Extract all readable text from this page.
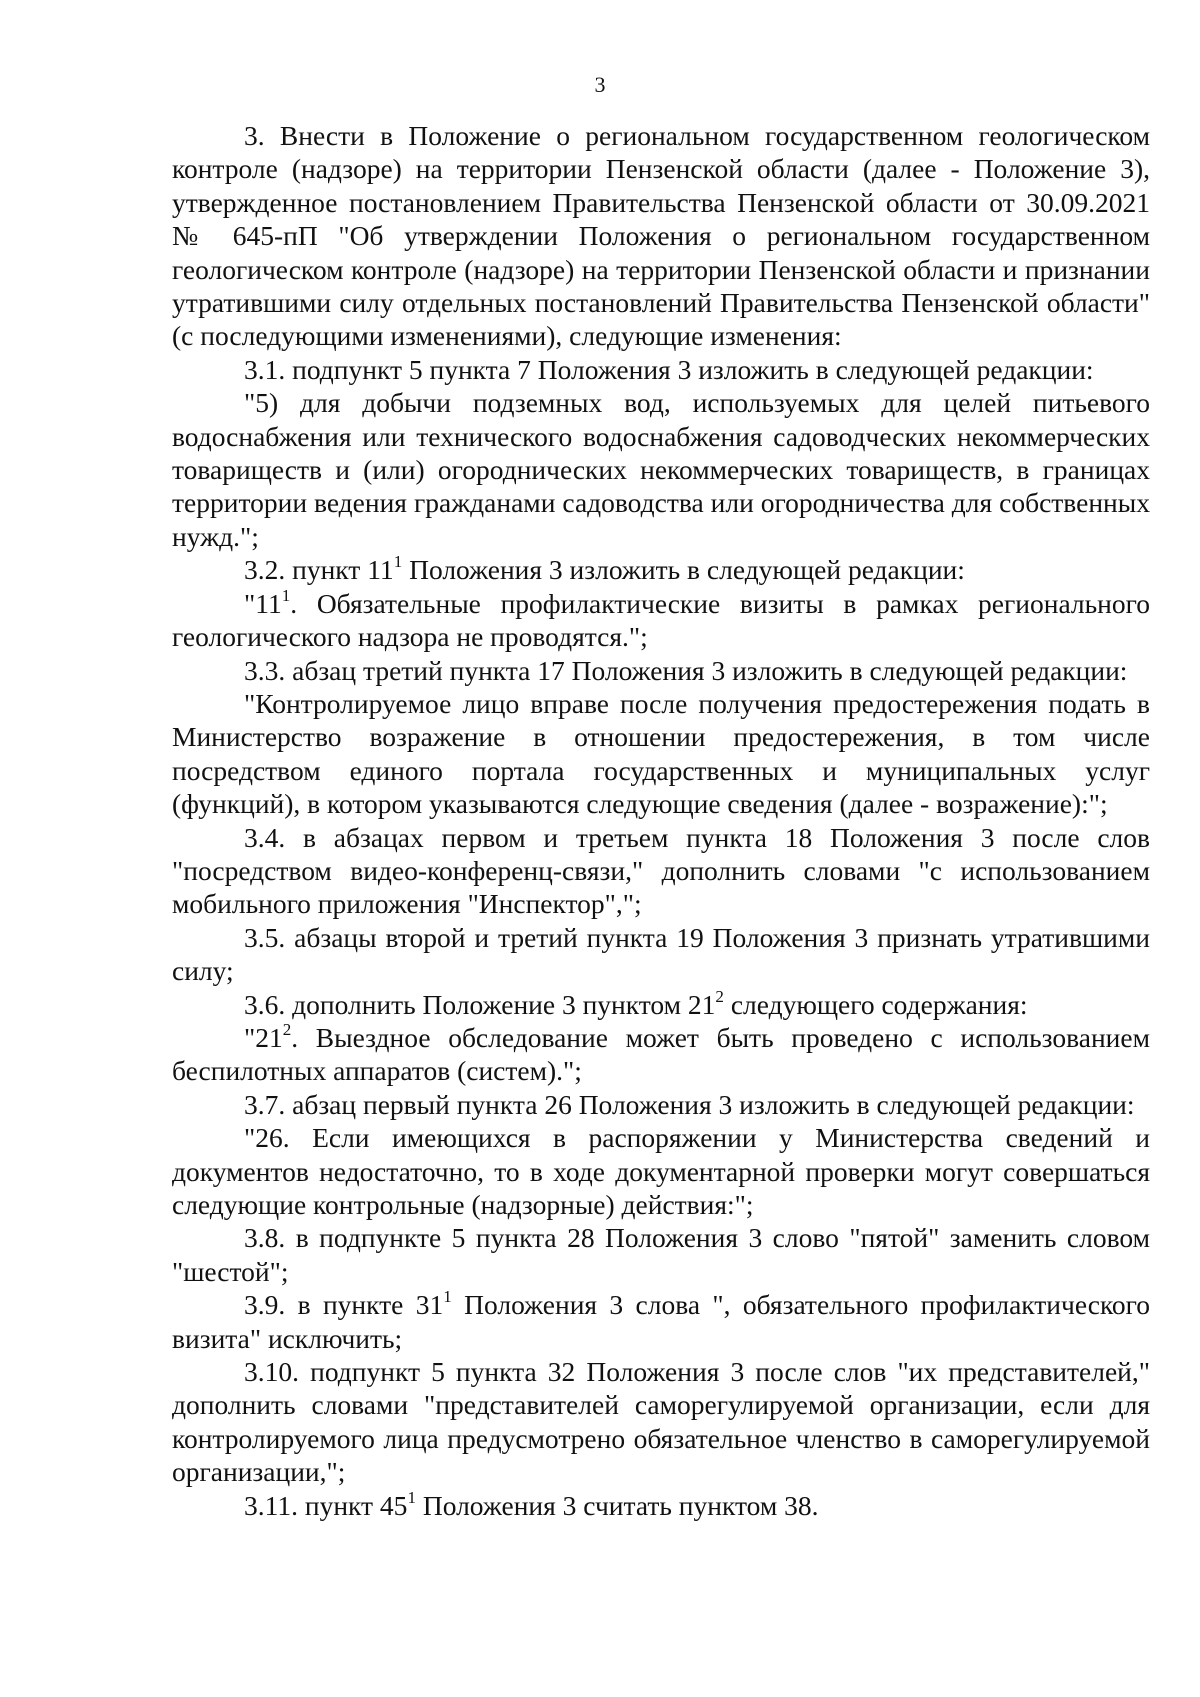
3

3. Внести в Положение о региональном государственном геологическом контроле (надзоре) на территории Пензенской области (далее - Положение 3), утвержденное постановлением Правительства Пензенской области от 30.09.2021 № 645-пП "Об утверждении Положения о региональном государственном геологическом контроле (надзоре) на территории Пензенской области и признании утратившими силу отдельных постановлений Правительства Пензенской области" (с последующими изменениями), следующие изменения:

3.1. подпункт 5 пункта 7 Положения 3 изложить в следующей редакции:

"5) для добычи подземных вод, используемых для целей питьевого водоснабжения или технического водоснабжения садоводческих некоммерческих товариществ и (или) огороднических некоммерческих товариществ, в границах территории ведения гражданами садоводства или огородничества для собственных нужд.";

3.2. пункт $11^1$ Положения 3 изложить в следующей редакции:

"$11^1$. Обязательные профилактические визиты в рамках регионального геологического надзора не проводятся.";

3.3. абзац третий пункта 17 Положения 3 изложить в следующей редакции:

"Контролируемое лицо вправе после получения предостережения подать в Министерство возражение в отношении предостережения, в том числе посредством единого портала государственных и муниципальных услуг (функций), в котором указываются следующие сведения (далее - возражение):";

3.4. в абзацах первом и третьем пункта 18 Положения 3 после слов "посредством видео-конференц-связи," дополнить словами "с использованием мобильного приложения "Инспектор",";

3.5. абзацы второй и третий пункта 19 Положения 3 признать утратившими силу;

3.6. дополнить Положение 3 пунктом $21^2$ следующего содержания:

"$21^2$. Выездное обследование может быть проведено с использованием беспилотных аппаратов (систем).";

3.7. абзац первый пункта 26 Положения 3 изложить в следующей редакции:

"26. Если имеющихся в распоряжении у Министерства сведений и документов недостаточно, то в ходе документарной проверки могут совершаться следующие контрольные (надзорные) действия:";

3.8. в подпункте 5 пункта 28 Положения 3 слово "пятой" заменить словом "шестой";

3.9. в пункте $31^1$ Положения 3 слова ", обязательного профилактического визита" исключить;

3.10. подпункт 5 пункта 32 Положения 3 после слов "их представителей," дополнить словами "представителей саморегулируемой организации, если для контролируемого лица предусмотрено обязательное членство в саморегулируемой организации,";

3.11. пункт $45^1$ Положения 3 считать пунктом 38.
